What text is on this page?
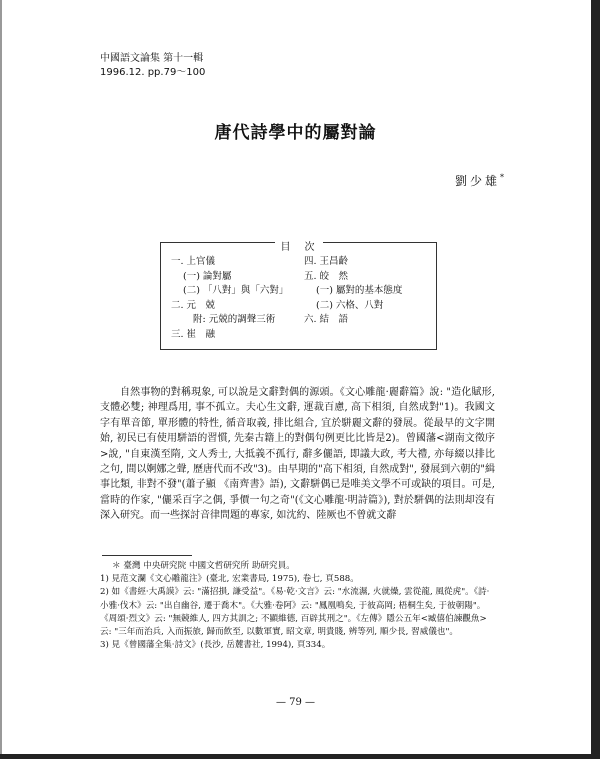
中國語文論集 第十一輯
1996.12. pp.79～100
唐代詩學中的屬對論
劉少雄*
目　次
一. 上官儀
(一) 論對屬
(二) 「八對」與「六對」
二. 元　兢
附: 元兢的調聲三術
三. 崔　融
四. 王昌齡
五. 皎　然
(一) 屬對的基本態度
(二) 六格、八對
六. 結　語

自然事物的對稱現象, 可以說是文辭對偶的源頭。《文心雕龍·麗辭篇》說: "造化賦形, 支體必雙; 神理爲用, 事不孤立。夫心生文辭, 運裁百慮, 高下相須, 自然成對"1)。我國文字有單音節, 單形體的特性, 循音取義, 排比組合, 宜於駢麗文辭的發展。從最早的文字開始, 初民已有使用駢語的習慣, 先秦古籍上的對偶句例更比比皆是2)。曾國藩<湖南文徵序>說, "自東漢至隋, 文人秀士, 大抵義不孤行, 辭多儷語, 即議大政, 考大禮, 亦每綴以排比之句, 間以婀娜之聲, 歷唐代而不改"3)。由早期的"高下相須, 自然成對", 發展到六朝的"緝事比類, 非對不發"(蕭子顯 《南齊書》語), 文辭駢偶已是唯美文學不可或缺的項目。可是, 當時的作家, "儷采百字之偶, 爭價一句之奇"(《文心雕龍·明詩篇》), 對於駢偶的法則却沒有深入研究。而一些探討音律問題的專家, 如沈約、陸厥也不曾就文辭

＊ 臺灣 中央研究院 中國文哲研究所 助研究員。
1) 見范文瀾《文心雕龍注》(臺北, 宏業書局, 1975), 卷七, 頁588。
2) 如《書經·大禹謨》云: "滿招損, 謙受益"。《易·乾·文言》云: "水流濕, 火就燥, 雲從龍, 風從虎"。《詩·小雅·伐木》云: "出自幽谷, 遷于喬木"。《大雅·卷阿》云: "鳳凰鳴矣, 于彼高岡; 梧桐生矣, 于彼朝陽"。《周頌·烈文》云: "無競維人, 四方其訓之; 不顯維德, 百辟其刑之"。《左傳》隱公五年<臧僖伯諫觀魚>云: "三年而治兵, 入而振旅, 歸而飲至, 以數軍實, 昭文章, 明貴賤, 辨等列, 順少長, 習威儀也"。
3) 見《曾國藩全集·詩文》(長沙, 岳麓書社, 1994), 頁334。
— 79 —
